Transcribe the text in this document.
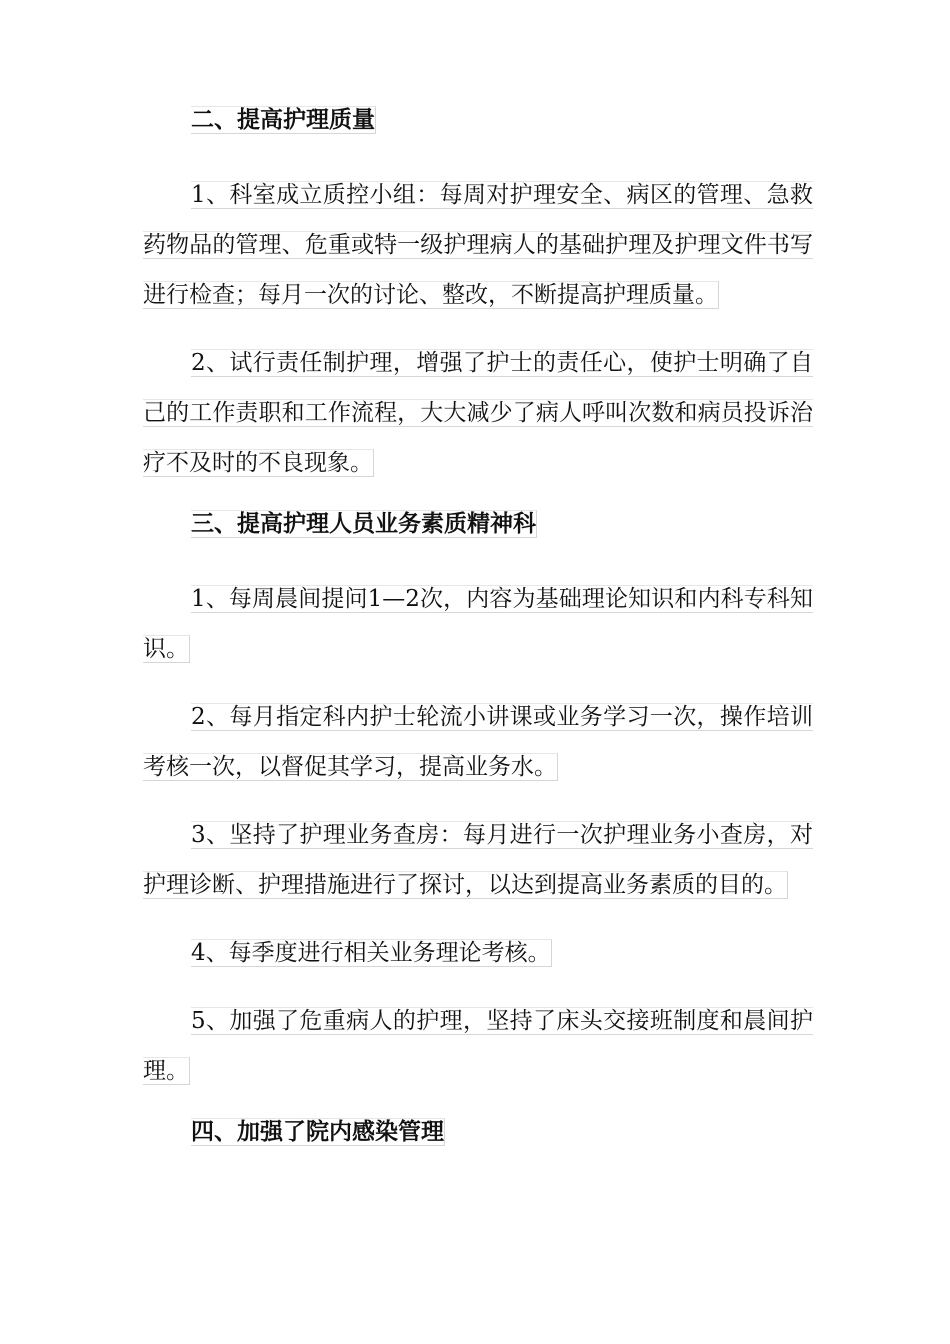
二、提高护理质量

1、科室成立质控小组：每周对护理安全、病区的管理、急救药物品的管理、危重或特一级护理病人的基础护理及护理文件书写进行检查；每月一次的讨论、整改，不断提高护理质量。

2、试行责任制护理，增强了护士的责任心，使护士明确了自己的工作责职和工作流程，大大减少了病人呼叫次数和病员投诉治疗不及时的不良现象。

三、提高护理人员业务素质精神科

1、每周晨间提问1—2次，内容为基础理论知识和内科专科知识。

2、每月指定科内护士轮流小讲课或业务学习一次，操作培训考核一次，以督促其学习，提高业务水。

3、坚持了护理业务查房：每月进行一次护理业务小查房，对护理诊断、护理措施进行了探讨，以达到提高业务素质的目的。

4、每季度进行相关业务理论考核。

5、加强了危重病人的护理，坚持了床头交接班制度和晨间护理。

四、加强了院内感染管理
